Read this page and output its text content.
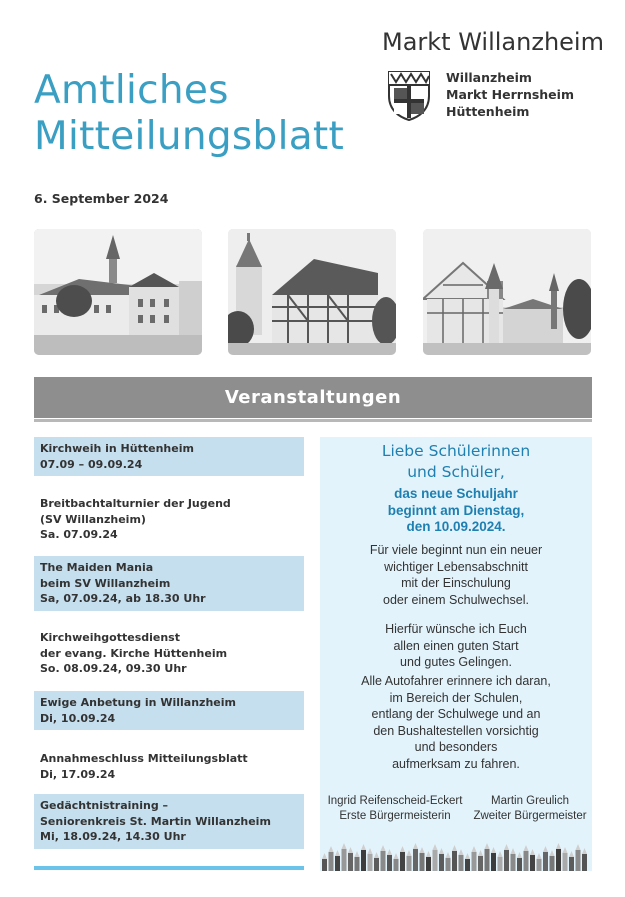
Amtliches
Mitteilungsblatt
Markt Willanzheim
Willanzheim
Markt Herrnsheim
Hüttenheim
6. September 2024
Veranstaltungen
Kirchweih in Hüttenheim
07.09 – 09.09.24
Breitbachtalturnier der Jugend
(SV Willanzheim)
Sa. 07.09.24
The Maiden Mania
beim SV Willanzheim
Sa, 07.09.24, ab 18.30 Uhr
Kirchweihgottesdienst
der evang. Kirche Hüttenheim
So. 08.09.24, 09.30 Uhr
Ewige Anbetung in Willanzheim
Di, 10.09.24
Annahmeschluss Mitteilungsblatt
Di, 17.09.24
Gedächtnistraining –
Seniorenkreis St. Martin Willanzheim
Mi, 18.09.24, 14.30 Uhr
Liebe Schülerinnen
und Schüler,
das neue Schuljahr
beginnt am Dienstag,
den 10.09.2024.
Für viele beginnt nun ein neuer
wichtiger Lebensabschnitt
mit der Einschulung
oder einem Schulwechsel.
Hierfür wünsche ich Euch
allen einen guten Start
und gutes Gelingen.
Alle Autofahrer erinnere ich daran,
im Bereich der Schulen,
entlang der Schulwege und an
den Bushaltestellen vorsichtig
und besonders
aufmerksam zu fahren.
Ingrid Reifenscheid-Eckert
Erste Bürgermeisterin
Martin Greulich
Zweiter Bürgermeister
